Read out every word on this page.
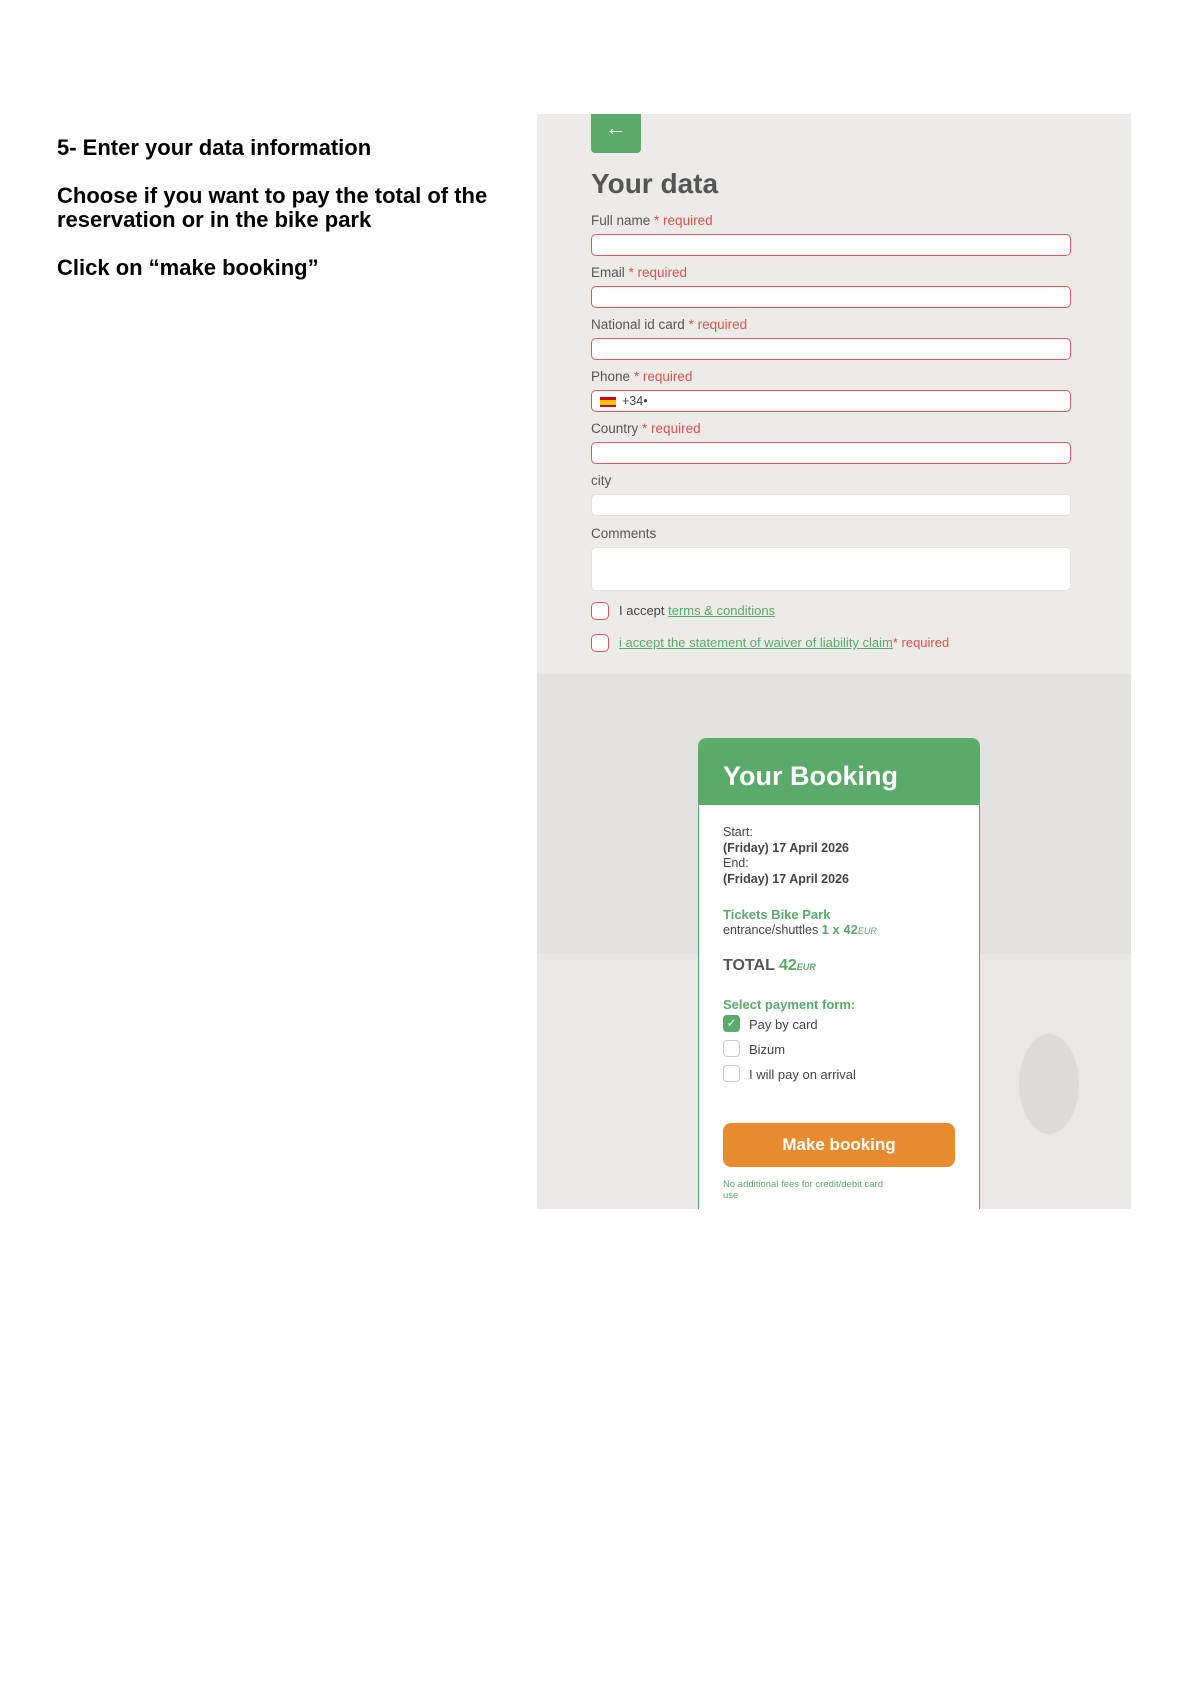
5- Enter your data information

Choose if you want to pay the total of the reservation or in the bike park

Click on “make booking”

←
Your data
Full name * required
Email * required
National id card * required
Phone * required
+34•
Country * required
city
Comments
I accept terms & conditions
i accept the statement of waiver of liability claim* required
Your Booking
Start:
(Friday) 17 April 2026
End:
(Friday) 17 April 2026
Tickets Bike Park
entrance/shuttles 1 x 42EUR
TOTAL 42EUR
Select payment form:
✓ Pay by card
Bizum
I will pay on arrival
Make booking
No additional fees for credit/debit card use
